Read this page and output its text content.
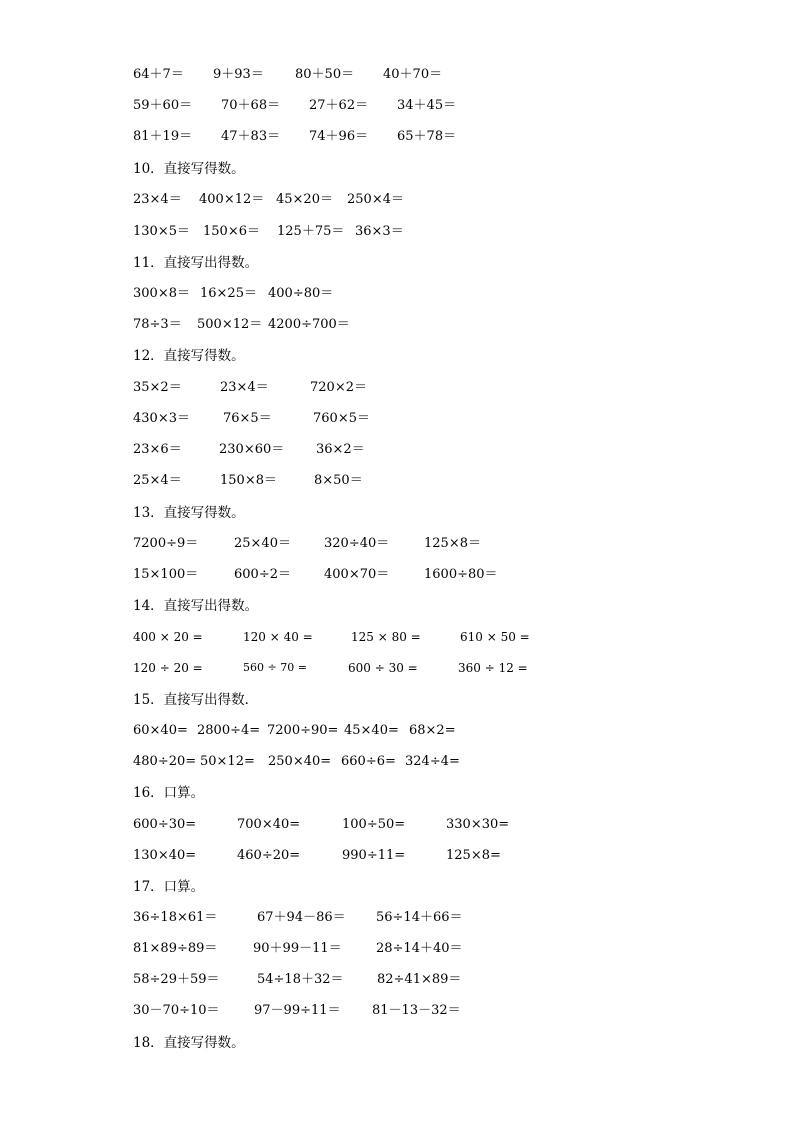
64＋7＝ 9＋93＝ 80＋50＝ 40＋70＝
59＋60＝ 70＋68＝ 27＋62＝ 34＋45＝
81＋19＝ 47＋83＝ 74＋96＝ 65＋78＝
10．直接写得数。
23×4＝ 400×12＝ 45×20＝ 250×4＝
130×5＝ 150×6＝ 125＋75＝ 36×3＝
11．直接写出得数。
300×8＝ 16×25＝ 400÷80＝
78÷3＝ 500×12＝ 4200÷700＝
12．直接写得数。
35×2＝	23×4＝	720×2＝
430×3＝	76×5＝	760×5＝
23×6＝	230×60＝ 36×2＝
25×4＝	150×8＝	8×50＝
13．直接写得数。
7200÷9＝	25×40＝	320÷40＝	125×8＝
15×100＝	600÷2＝	400×70＝	1600÷80＝
14．直接写出得数。
400 × 20 =	120 × 40 =	125 × 80 =	610 × 50 =
120 ÷ 20 =	560 ÷ 70 =	600 ÷ 30 =	360 ÷ 12 =
15．直接写出得数．
60×40= 2800÷4= 7200÷90= 45×40= 68×2=
480÷20= 50×12= 250×40= 660÷6= 324÷4=
16．口算。
600÷30=	700×40=	100÷50=	330×30=
130×40=	460÷20=	990÷11=	125×8=
17．口算。
36÷18×61＝	67＋94－86＝ 56÷14＋66＝
81×89÷89＝	90＋99－11＝	28÷14＋40＝
58÷29＋59＝	54÷18＋32＝	82÷41×89＝
30－70÷10＝	97－99÷11＝ 81－13－32＝
18．直接写得数。
